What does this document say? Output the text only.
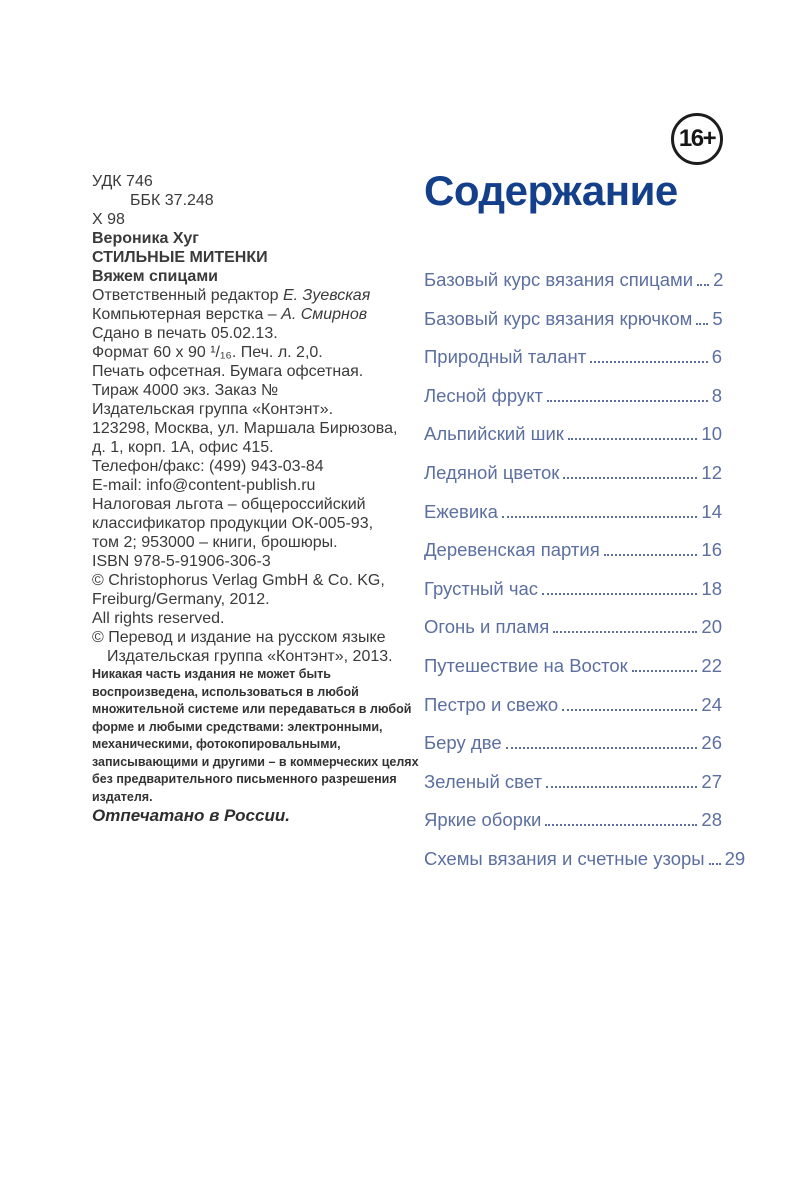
УДК 746
ББК 37.248
Х 98
Вероника Хуг
СТИЛЬНЫЕ МИТЕНКИ
Вяжем спицами
Ответственный редактор Е. Зуевская
Компьютерная верстка – А. Смирнов
Сдано в печать 05.02.13.
Формат 60 х 90 ¹/₁₆. Печ. л. 2,0.
Печать офсетная. Бумага офсетная.
Тираж 4000 экз. Заказ №
Издательская группа «Контэнт».
123298, Москва, ул. Маршала Бирюзова,
д. 1, корп. 1А, офис 415.
Телефон/факс: (499) 943-03-84
E-mail: info@content-publish.ru
Налоговая льгота – общероссийский
классификатор продукции ОК-005-93,
том 2; 953000 – книги, брошюры.
ISBN 978-5-91906-306-3
© Christophorus Verlag GmbH & Co. KG,
Freiburg/Germany, 2012.
All rights reserved.
© Перевод и издание на русском языке
Издательская группа «Контэнт», 2013.
Никакая часть издания не может быть воспроизведена, использоваться в любой множительной системе или передаваться в любой форме и любыми средствами: электронными, механическими, фотокопировальными, записывающими и другими – в коммерческих целях без предварительного письменного разрешения издателя.
Отпечатано в России.
16+
Содержание
Базовый курс вязания спицами 2
Базовый курс вязания крючком 5
Природный талант	6
Лесной фрукт	8
Альпийский шик	10
Ледяной цветок	12
Ежевика	14
Деревенская партия	16
Грустный час	18
Огонь и пламя	20
Путешествие на Восток	22
Пестро и свежо	24
Беру две	26
Зеленый свет	27
Яркие оборки	28
Схемы вязания и счетные узоры 29
